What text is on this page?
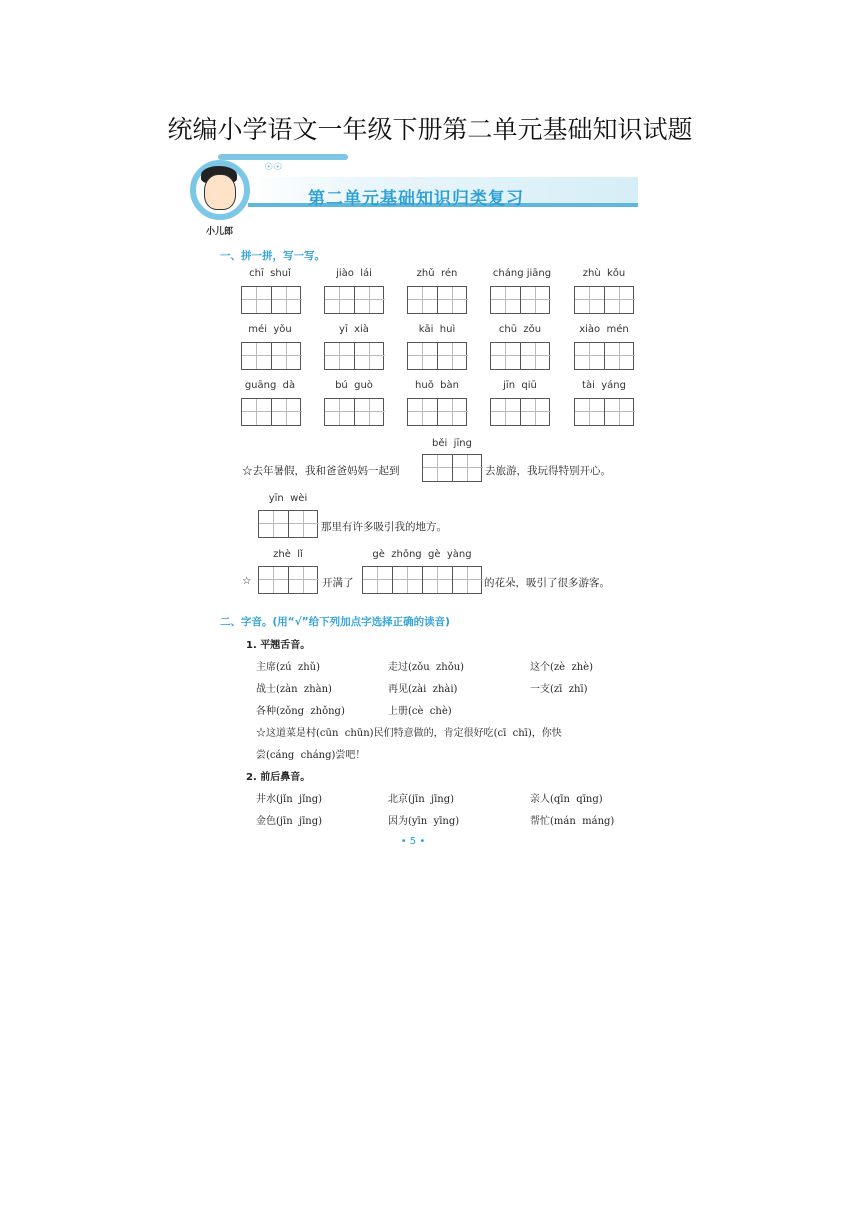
统编小学语文一年级下册第二单元基础知识试题
☉☉
第二单元基础知识归类复习
小儿郎
一、拼一拼，写一写。
chī  shuǐ	jiào  lái	zhǔ  rén	cháng jiāng	zhù  kǒu
méi  yǒu	yī  xià	kāi  huì	chū  zǒu	xiào  mén
guāng  dà	bú  guò	huǒ  bàn	jīn  qiū	tài  yáng
běi  jīng
☆去年暑假，我和爸爸妈妈一起到	去旅游，我玩得特别开心。
yīn  wèi
那里有许多吸引我的地方。
zhè  lǐ	gè  zhǒng  gè  yàng
☆	开满了	的花朵，吸引了很多游客。
二、字音。(用“√”给下列加点字选择正确的读音)
1. 平翘舌音。
主席(zú  zhǔ)	走过(zǒu  zhǒu)	这个(zè  zhè)
战士(zàn  zhàn)	再见(zài  zhài)	一支(zī  zhī)
各种(zǒng  zhǒng)	上册(cè  chè)
☆这道菜是村(cūn  chūn)民们特意做的，肯定很好吃(cī  chī)，你快
尝(cáng  cháng)尝吧！
2. 前后鼻音。
井水(jǐn  jǐng)	北京(jīn  jīng)	亲人(qīn  qīng)
金色(jīn  jīng)	因为(yīn  yīng)	帮忙(mán  máng)
• 5 •
